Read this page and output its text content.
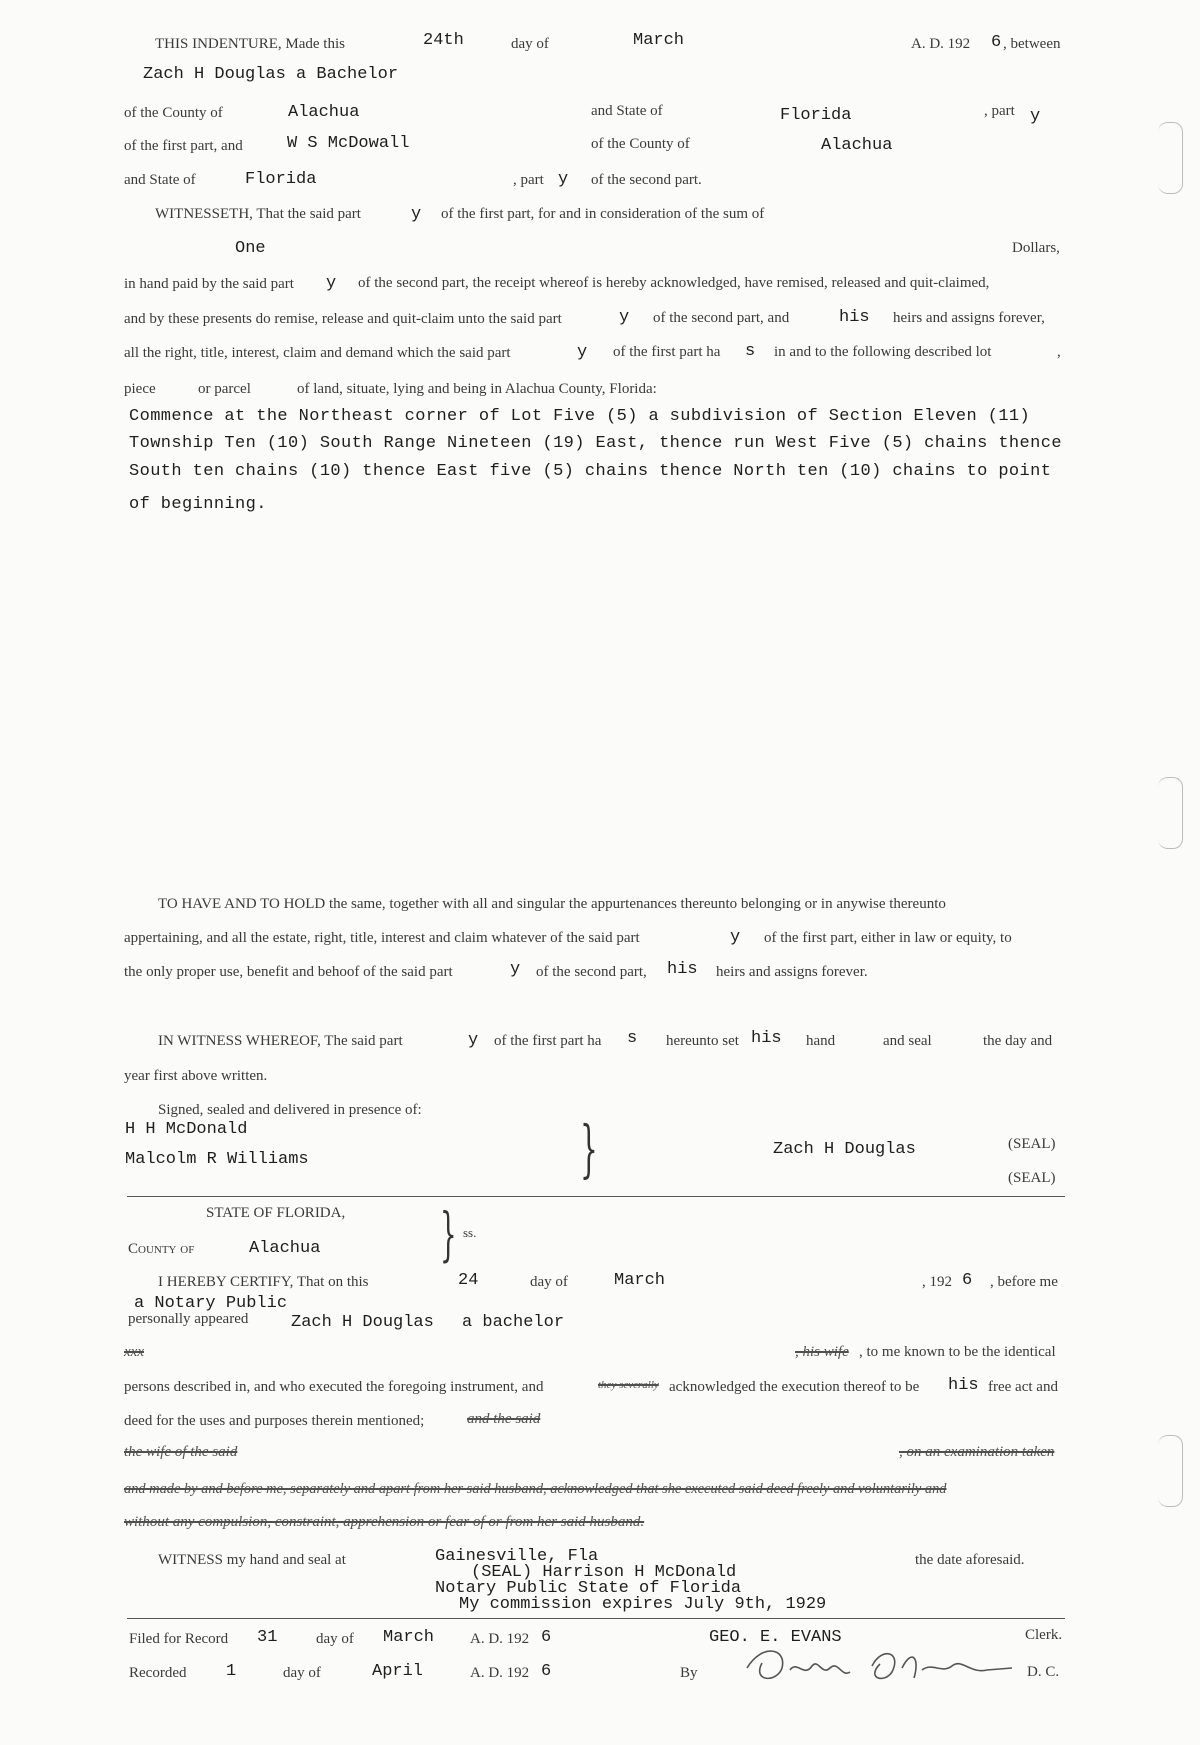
THIS INDENTURE, Made this	24th	day of	March	A. D. 192 6 , between
Zach H Douglas a Bachelor
of the County of	Alachua	and State of	Florida	, part y
of the first part, and	W S McDowall	of the County of	Alachua
and State of	Florida	, part y of the second part.
WITNESSETH, That the said part	y of the first part, for and in consideration of the sum of
One	Dollars,
in hand paid by the said part y of the second part, the receipt whereof is hereby acknowledged, have remised, released and quit-claimed,
and by these presents do remise, release and quit-claim unto the said part	y of the second part, and	his heirs and assigns forever,
all the right, title, interest, claim and demand which the said part	y of the first part ha s in and to the following described lot	,
piece	or parcel	of land, situate, lying and being in Alachua County, Florida:
Commence at the Northeast corner of Lot Five (5) a subdivision of Section Eleven (11)
Township Ten (10) South Range Nineteen (19) East, thence run West Five (5) chains thence
South ten chains (10) thence East five (5) chains thence North ten (10) chains to point
of beginning.
TO HAVE AND TO HOLD the same, together with all and singular the appurtenances thereunto belonging or in anywise thereunto
appertaining, and all the estate, right, title, interest and claim whatever of the said part	y of the first part, either in law or equity, to
the only proper use, benefit and behoof of the said part	y of the second part, his heirs and assigns forever.
IN WITNESS WHEREOF, The said part	y of the first part ha s hereunto set his hand	and seal	the day and
year first above written.
Signed, sealed and delivered in presence of:
H H McDonald
Malcolm R Williams	}	Zach H Douglas	(SEAL)
(SEAL)
STATE OF FLORIDA,
County of	Alachua } ss.
I HEREBY CERTIFY, That on this	24	day of	March	, 192 6 , before me
a Notary Public
personally appeared	Zach H Douglas a bachelor
xxx	, his wife , to me known to be the identical
persons described in, and who executed the foregoing instrument, and	they severally acknowledged the execution thereof to be his free act and
deed for the uses and purposes therein mentioned;	and the said
the wife of the said	, on an examination taken
and made by and before me, separately and apart from her said husband, acknowledged that she executed said deed freely and voluntarily and
without any compulsion, constraint, apprehension or fear of or from her said husband.
WITNESS my hand and seal at	Gainesville, Fla	the date aforesaid.
(SEAL) Harrison H McDonald
Notary Public State of Florida
My commission expires July 9th, 1929
Filed for Record 31	day of March A. D. 192 6	GEO. E. EVANS	Clerk.
Recorded 1	day of	April	A. D. 192 6	By	D. C.
